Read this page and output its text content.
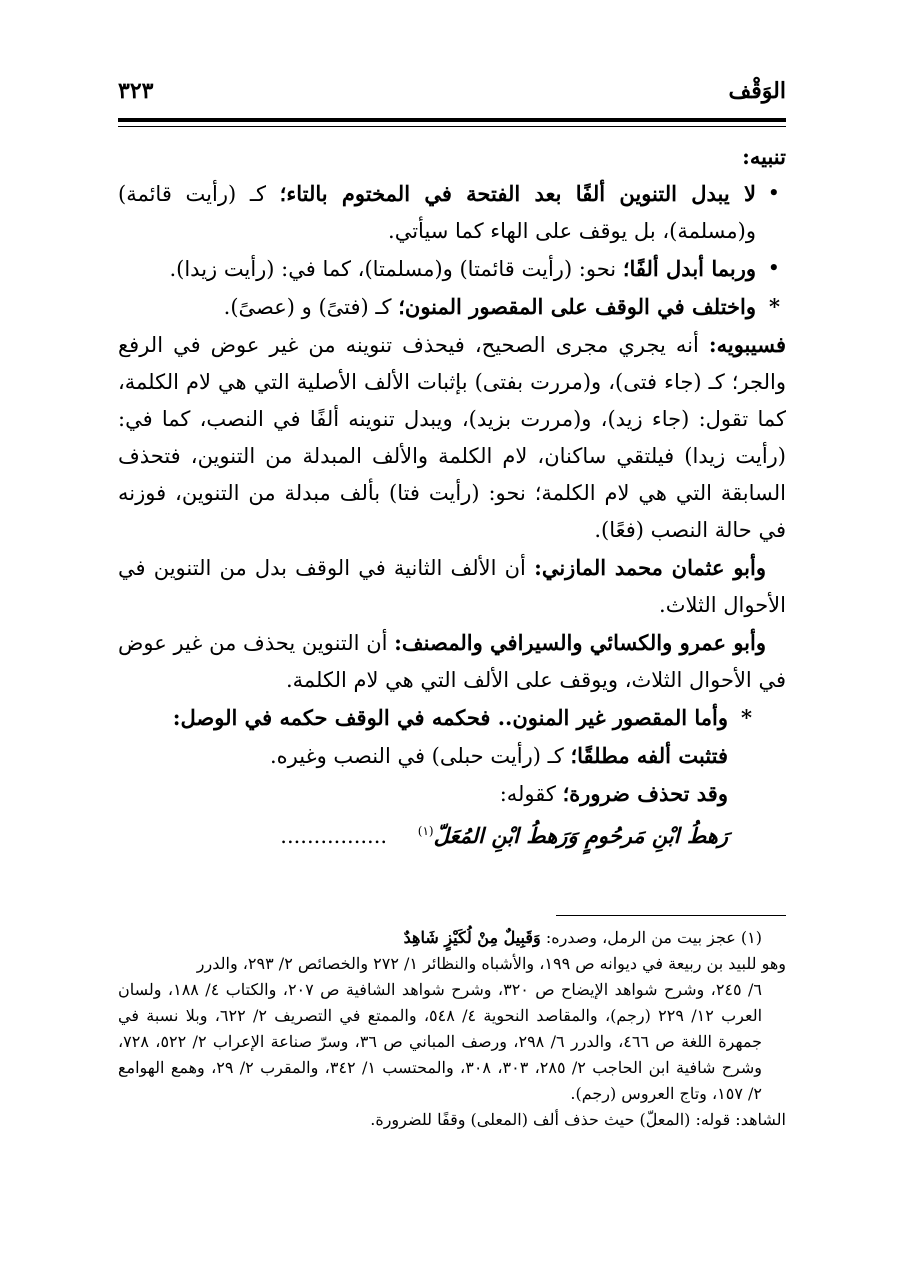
الوَقْف
٣٢٣

تنبيه:

•
لا يبدل التنوين ألفًا بعد الفتحة في المختوم بالتاء؛ كـ (رأيت قائمة) و(مسلمة)، بل يوقف على الهاء كما سيأتي.

•
وربما أبدل ألفًا؛ نحو: (رأيت قائمتا) و(مسلمتا)، كما في: (رأيت زيدا).

*
واختلف في الوقف على المقصور المنون؛ كـ (فتىً) و (عصىً).

فسيبويه: أنه يجري مجرى الصحيح، فيحذف تنوينه من غير عوض في الرفع والجر؛ كـ (جاء فتى)، و(مررت بفتى) بإثبات الألف الأصلية التي هي لام الكلمة، كما تقول: (جاء زيد)، و(مررت بزيد)، ويبدل تنوينه ألفًا في النصب، كما في: (رأيت زيدا) فيلتقي ساكنان، لام الكلمة والألف المبدلة من التنوين، فتحذف السابقة التي هي لام الكلمة؛ نحو: (رأيت فتا) بألف مبدلة من التنوين، فوزنه في حالة النصب (فعًا).

وأبو عثمان محمد المازني: أن الألف الثانية في الوقف بدل من التنوين في الأحوال الثلاث.

وأبو عمرو والكسائي والسيرافي والمصنف: أن التنوين يحذف من غير عوض في الأحوال الثلاث، ويوقف على الألف التي هي لام الكلمة.

*
وأما المقصور غير المنون.. فحكمه في الوقف حكمه في الوصل:

فتثبت ألفه مطلقًا؛ كـ (رأيت حبلى) في النصب وغيره.

وقد تحذف ضرورة؛ كقوله:

رَهطُ ابْنِ مَرحُومٍ وَرَهطُ ابْنِ المُعَلّ$^{(١)}$ ................

(١) عجز بيت من الرمل، وصدره: وَقَبِيلٌ مِنْ لُكَيْزٍ شَاهِدٌ

وهو للبيد بن ربيعة في ديوانه ص ١٩٩، والأشباه والنظائر ١/ ٢٧٢ والخصائص ٢/ ٢٩٣، والدرر

٦/ ٢٤٥، وشرح شواهد الإيضاح ص ٣٢٠، وشرح شواهد الشافية ص ٢٠٧، والكتاب ٤/ ١٨٨، ولسان العرب ١٢/ ٢٢٩ (رجم)، والمقاصد النحوية ٤/ ٥٤٨، والممتع في التصريف ٢/ ٦٢٢، وبلا نسبة في جمهرة اللغة ص ٤٦٦، والدرر ٦/ ٢٩٨، ورصف المباني ص ٣٦، وسرّ صناعة الإعراب ٢/ ٥٢٢، ٧٢٨، وشرح شافية ابن الحاجب ٢/ ٢٨٥، ٣٠٣، ٣٠٨، والمحتسب ١/ ٣٤٢، والمقرب ٢/ ٢٩، وهمع الهوامع ٢/ ١٥٧، وتاج العروس (رجم).

الشاهد: قوله: (المعلّ) حيث حذف ألف (المعلى) وقفًا للضرورة.
